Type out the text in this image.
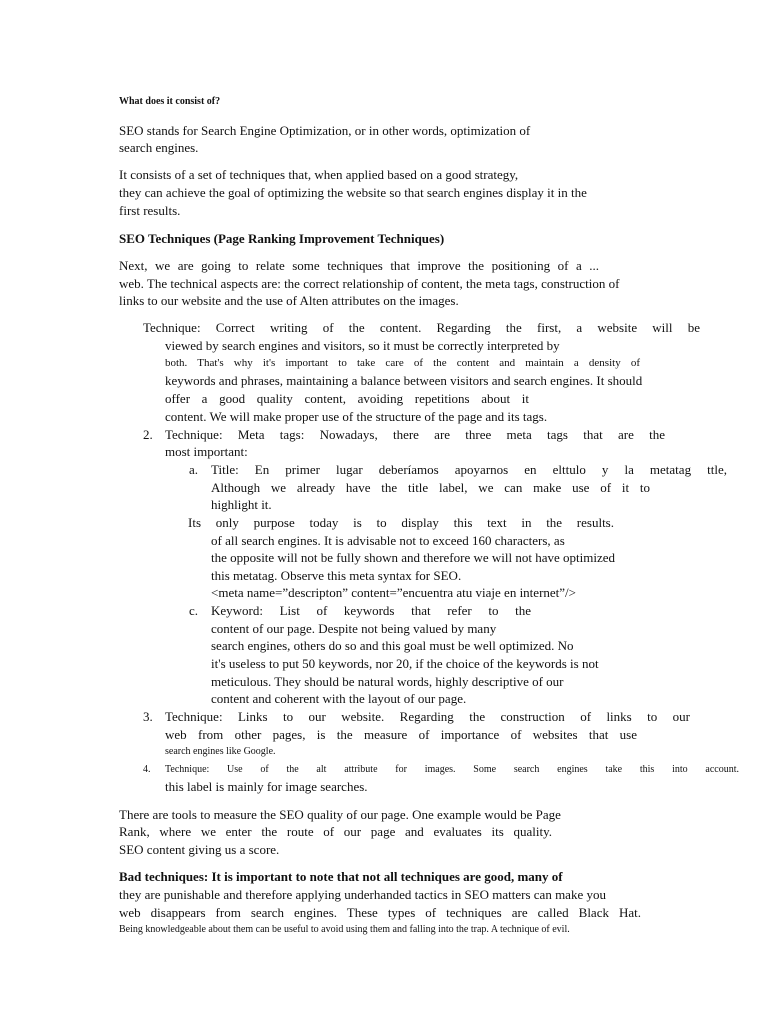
What does it consist of?
SEO stands for Search Engine Optimization, or in other words, optimization of
search engines.
It consists of a set of techniques that, when applied based on a good strategy,
they can achieve the goal of optimizing the website so that search engines display it in the
first results.
SEO Techniques (Page Ranking Improvement Techniques)
Next, we are going to relate some techniques that improve the positioning of a ...
web. The technical aspects are: the correct relationship of content, the meta tags, construction of
links to our website and the use of Alten attributes on the images.
Technique: Correct writing of the content. Regarding the first, a website will be
viewed by search engines and visitors, so it must be correctly interpreted by
both. That's why it's important to take care of the content and maintain a density of
keywords and phrases, maintaining a balance between visitors and search engines. It should
offer a good quality content, avoiding repetitions about it
content. We will make proper use of the structure of the page and its tags.
2. Technique: Meta tags: Nowadays, there are three meta tags that are the
most important:
a. Title: En primer lugar deberíamos apoyarnos en elttulo y la metatag ttle,
Although we already have the title label, we can make use of it to
highlight it.
Its only purpose today is to display this text in the results.
of all search engines. It is advisable not to exceed 160 characters, as
the opposite will not be fully shown and therefore we will not have optimized
this metatag. Observe this meta syntax for SEO.
<meta name=”descripton” content=”encuentra atu viaje en internet”/>
c. Keyword: List of keywords that refer to the
content of our page. Despite not being valued by many
search engines, others do so and this goal must be well optimized. No
it's useless to put 50 keywords, nor 20, if the choice of the keywords is not
meticulous. They should be natural words, highly descriptive of our
content and coherent with the layout of our page.
3. Technique: Links to our website. Regarding the construction of links to our
web from other pages, is the measure of importance of websites that use
search engines like Google.
4. Technique: Use of the alt attribute for images. Some search engines take this into account.
this label is mainly for image searches.
There are tools to measure the SEO quality of our page. One example would be Page
Rank, where we enter the route of our page and evaluates its quality.
SEO content giving us a score.
Bad techniques: It is important to note that not all techniques are good, many of
they are punishable and therefore applying underhanded tactics in SEO matters can make you
web disappears from search engines. These types of techniques are called Black Hat.
Being knowledgeable about them can be useful to avoid using them and falling into the trap. A technique of evil.
